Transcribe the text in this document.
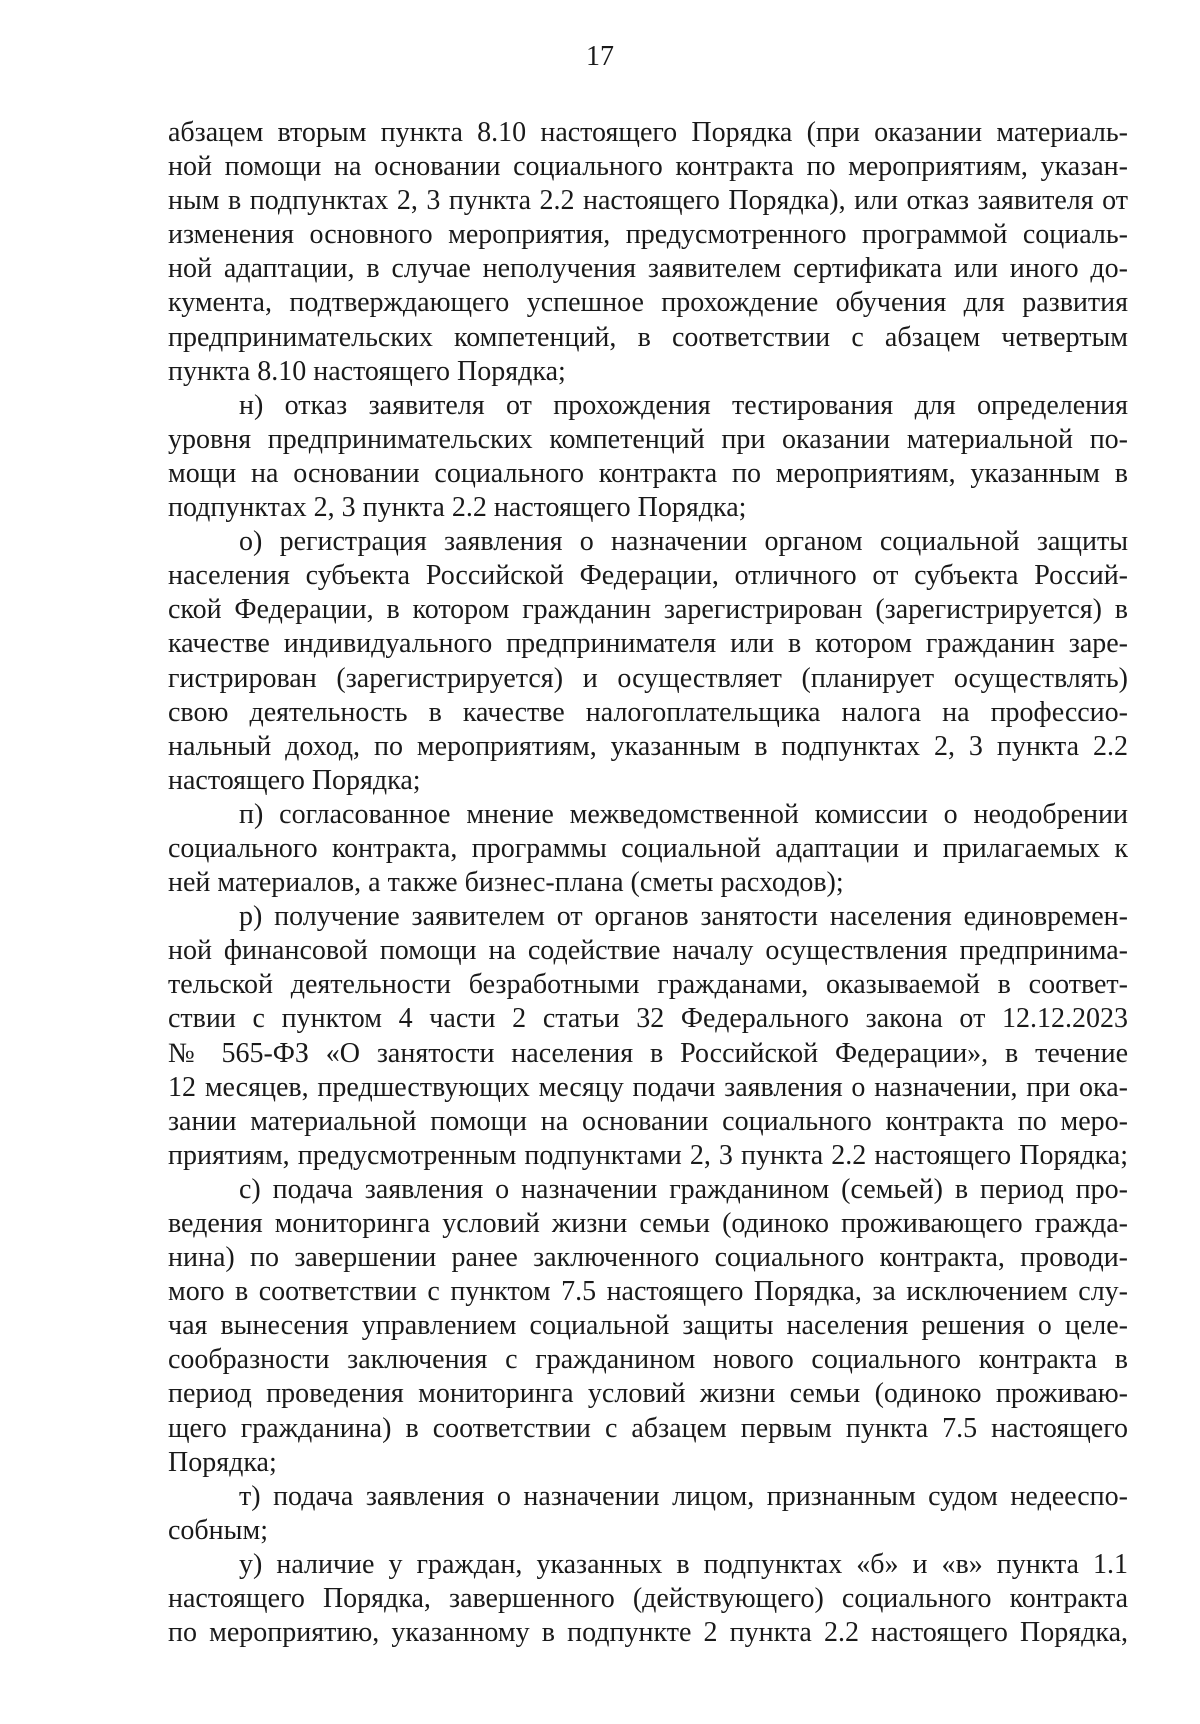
17
абзацем вторым пункта 8.10 настоящего Порядка (при оказании материаль-
ной помощи на основании социального контракта по мероприятиям, указан-
ным в подпунктах 2, 3 пункта 2.2 настоящего Порядка), или отказ заявителя от
изменения основного мероприятия, предусмотренного программой социаль-
ной адаптации, в случае неполучения заявителем сертификата или иного до-
кумента, подтверждающего успешное прохождение обучения для развития
предпринимательских компетенций, в соответствии с абзацем четвертым
пункта 8.10 настоящего Порядка;
н) отказ заявителя от прохождения тестирования для определения
уровня предпринимательских компетенций при оказании материальной по-
мощи на основании социального контракта по мероприятиям, указанным в
подпунктах 2, 3 пункта 2.2 настоящего Порядка;
о) регистрация заявления о назначении органом социальной защиты
населения субъекта Российской Федерации, отличного от субъекта Россий-
ской Федерации, в котором гражданин зарегистрирован (зарегистрируется) в
качестве индивидуального предпринимателя или в котором гражданин заре-
гистрирован (зарегистрируется) и осуществляет (планирует осуществлять)
свою деятельность в качестве налогоплательщика налога на профессио-
нальный доход, по мероприятиям, указанным в подпунктах 2, 3 пункта 2.2
настоящего Порядка;
п) согласованное мнение межведомственной комиссии о неодобрении
социального контракта, программы социальной адаптации и прилагаемых к
ней материалов, а также бизнес-плана (сметы расходов);
р) получение заявителем от органов занятости населения единовремен-
ной финансовой помощи на содействие началу осуществления предпринима-
тельской деятельности безработными гражданами, оказываемой в соответ-
ствии с пунктом 4 части 2 статьи 32 Федерального закона от 12.12.2023
№ 565-ФЗ «О занятости населения в Российской Федерации», в течение
12 месяцев, предшествующих месяцу подачи заявления о назначении, при ока-
зании материальной помощи на основании социального контракта по меро-
приятиям, предусмотренным подпунктами 2, 3 пункта 2.2 настоящего Порядка;
с) подача заявления о назначении гражданином (семьей) в период про-
ведения мониторинга условий жизни семьи (одиноко проживающего гражда-
нина) по завершении ранее заключенного социального контракта, проводи-
мого в соответствии с пунктом 7.5 настоящего Порядка, за исключением слу-
чая вынесения управлением социальной защиты населения решения о целе-
сообразности заключения с гражданином нового социального контракта в
период проведения мониторинга условий жизни семьи (одиноко проживаю-
щего гражданина) в соответствии с абзацем первым пункта 7.5 настоящего
Порядка;
т) подача заявления о назначении лицом, признанным судом недееспо-
собным;
у) наличие у граждан, указанных в подпунктах «б» и «в» пункта 1.1
настоящего Порядка, завершенного (действующего) социального контракта
по мероприятию, указанному в подпункте 2 пункта 2.2 настоящего Порядка,
